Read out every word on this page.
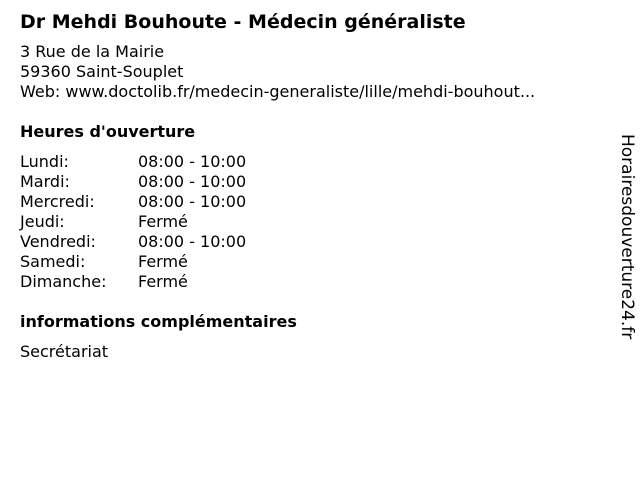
Dr Mehdi Bouhoute - Médecin généraliste
3 Rue de la Mairie
59360 Saint-Souplet
Web: www.doctolib.fr/medecin-generaliste/lille/mehdi-bouhout...
Heures d'ouverture
Lundi:	08:00 - 10:00
Mardi:	08:00 - 10:00
Mercredi:	08:00 - 10:00
Jeudi:	Fermé
Vendredi:	08:00 - 10:00
Samedi:	Fermé
Dimanche: Fermé
informations complémentaires

Secrétariat

Horairesdouverture24.fr
